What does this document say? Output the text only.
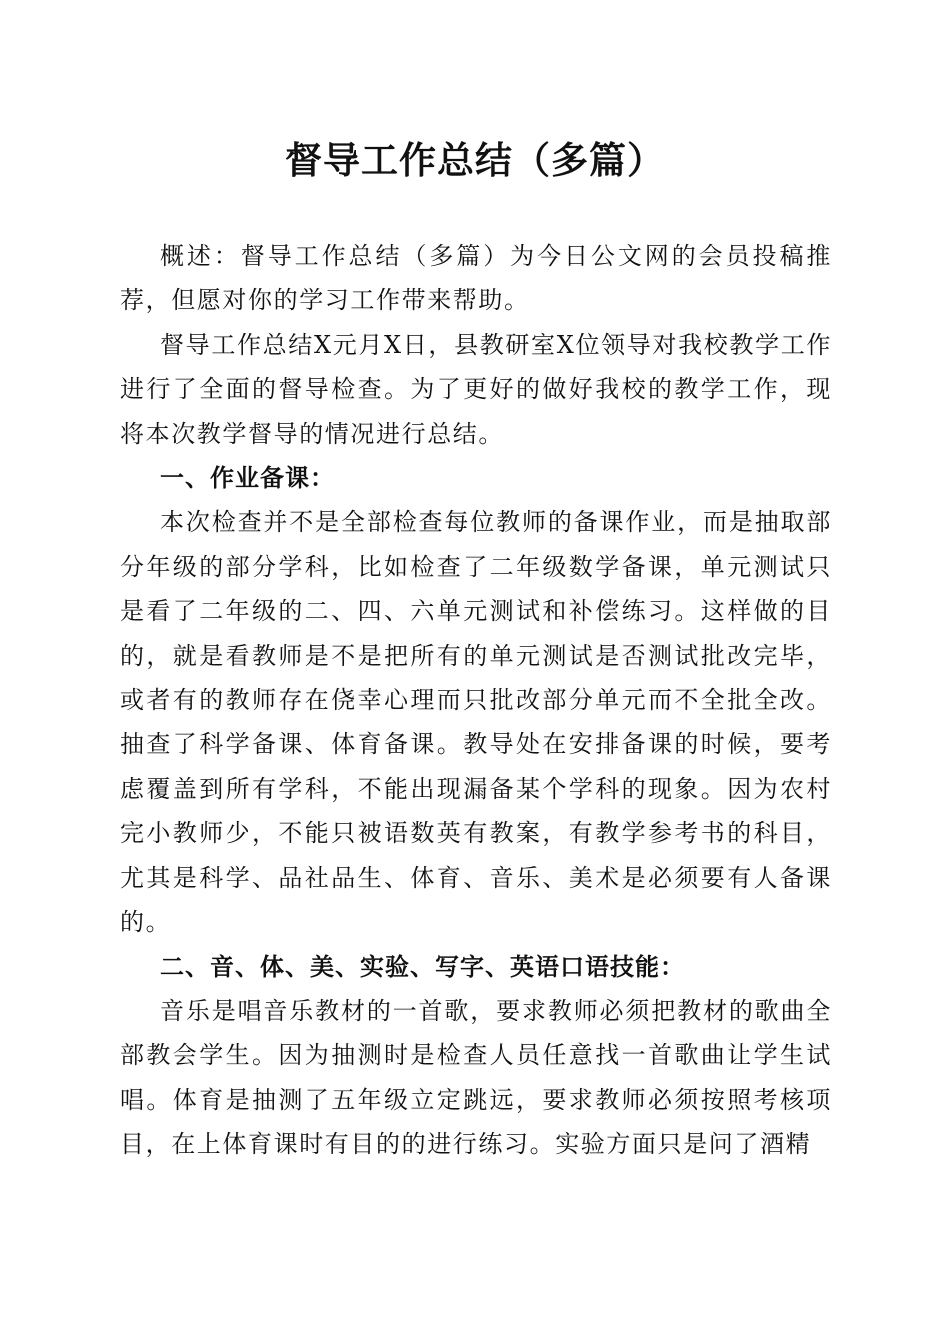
督导工作总结（多篇）

概述：督导工作总结（多篇）为今日公文网的会员投稿推荐，但愿对你的学习工作带来帮助。

督导工作总结X元月X日，县教研室X位领导对我校教学工作进行了全面的督导检查。为了更好的做好我校的教学工作，现将本次教学督导的情况进行总结。

一、作业备课：

本次检查并不是全部检查每位教师的备课作业，而是抽取部分年级的部分学科，比如检查了二年级数学备课，单元测试只是看了二年级的二、四、六单元测试和补偿练习。这样做的目的，就是看教师是不是把所有的单元测试是否测试批改完毕，或者有的教师存在侥幸心理而只批改部分单元而不全批全改。抽查了科学备课、体育备课。教导处在安排备课的时候，要考虑覆盖到所有学科，不能出现漏备某个学科的现象。因为农村完小教师少，不能只被语数英有教案，有教学参考书的科目，尤其是科学、品社品生、体育、音乐、美术是必须要有人备课的。

二、音、体、美、实验、写字、英语口语技能：

音乐是唱音乐教材的一首歌，要求教师必须把教材的歌曲全部教会学生。因为抽测时是检查人员任意找一首歌曲让学生试唱。体育是抽测了五年级立定跳远，要求教师必须按照考核项目，在上体育课时有目的的进行练习。实验方面只是问了酒精
